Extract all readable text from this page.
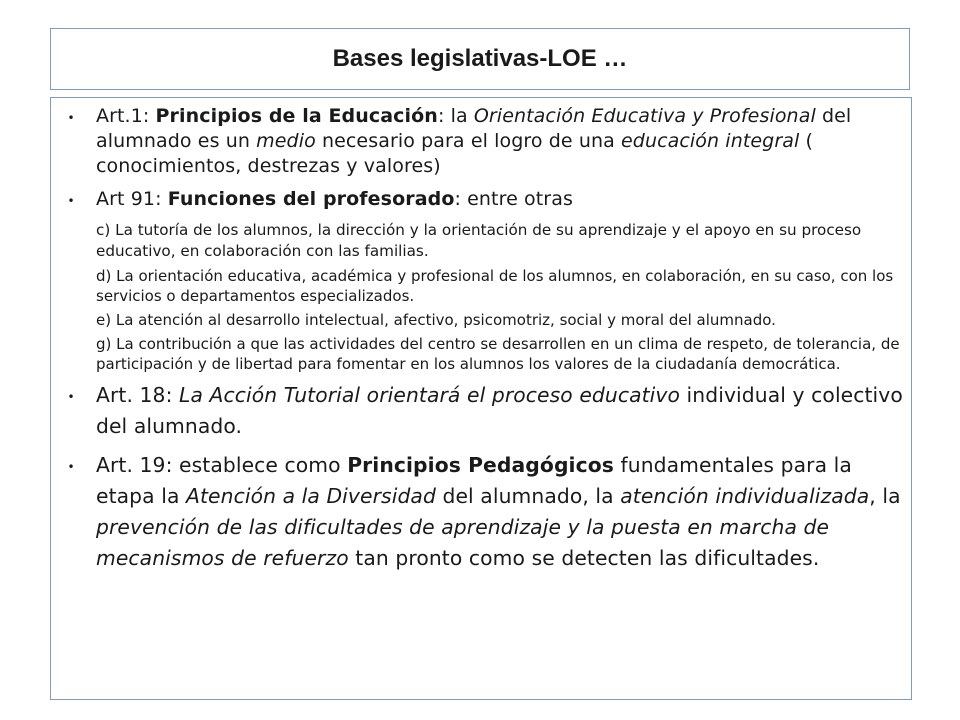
Bases legislativas-LOE …
•	Art.1: Principios de la Educación: la Orientación Educativa y Profesional del alumnado es un medio necesario para el logro de una educación integral ( conocimientos, destrezas y valores)
•	Art 91: Funciones del profesorado: entre otras
c) La tutoría de los alumnos, la dirección y la orientación de su aprendizaje y el apoyo en su proceso educativo, en colaboración con las familias.
d) La orientación educativa, académica y profesional de los alumnos, en colaboración, en su caso, con los servicios o departamentos especializados.
e) La atención al desarrollo intelectual, afectivo, psicomotriz, social y moral del alumnado.
g) La contribución a que las actividades del centro se desarrollen en un clima de respeto, de tolerancia, de participación y de libertad para fomentar en los alumnos los valores de la ciudadanía democrática.
•	Art. 18: La Acción Tutorial orientará el proceso educativo individual y colectivo del alumnado.
•	Art. 19: establece como Principios Pedagógicos fundamentales para la etapa la Atención a la Diversidad del alumnado, la atención individualizada, la prevención de las dificultades de aprendizaje y la puesta en marcha de mecanismos de refuerzo tan pronto como se detecten las dificultades.
